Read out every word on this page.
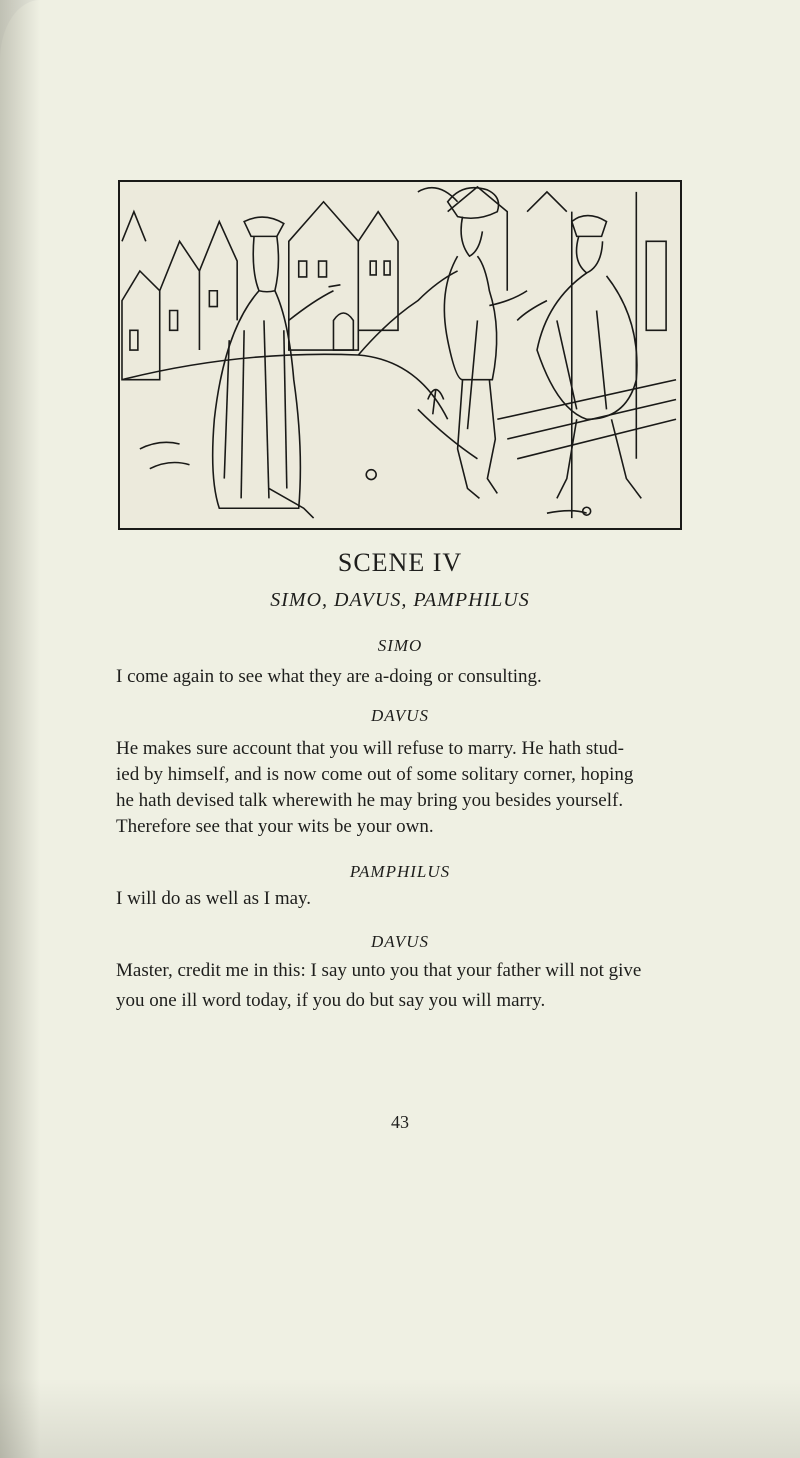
SCENE IV
SIMO, DAVUS, PAMPHILUS
SIMO
I come again to see what they are a-doing or consulting.
DAVUS
He makes sure account that you will refuse to marry. He hath stud-
ied by himself, and is now come out of some solitary corner, hoping
he hath devised talk wherewith he may bring you besides yourself.
Therefore see that your wits be your own.
PAMPHILUS
I will do as well as I may.
DAVUS
Master, credit me in this: I say unto you that your father will not give
you one ill word today, if you do but say you will marry.
43
